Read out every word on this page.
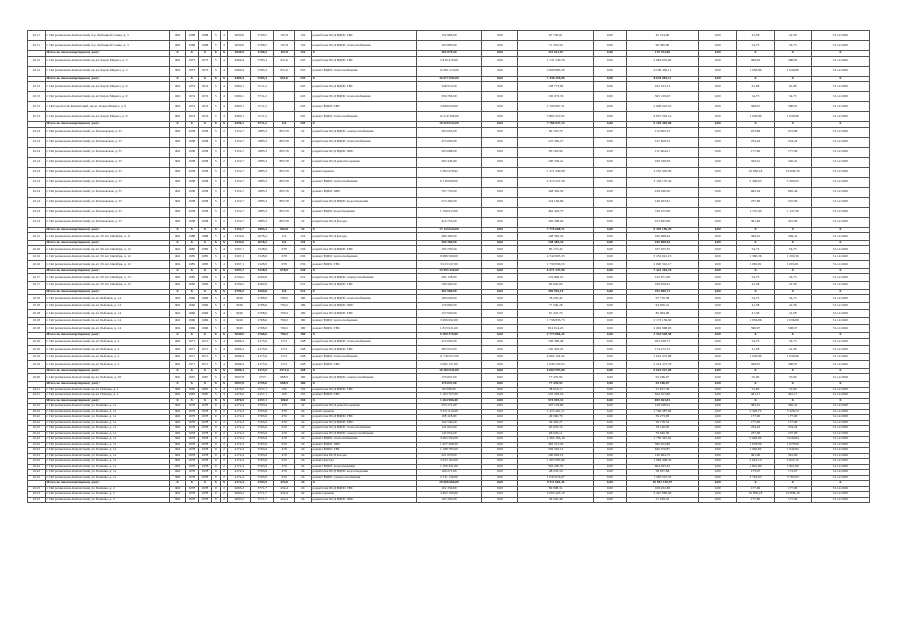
10.11	г. Петропавловск-Камчатский, б-р. Рыбацкой Славы, д. 3	ФО	1968	1968	5	3	2839,9	2706,5	107,8	132	разработка ПСД ВДИС ГВС	152 983,00	0,00	97 730,91	0,00	45 314,00	0,00	41,58	41,58	31.12.2020
10.11	г. Петропавловск-Камчатский, б-р. Рыбацкой Славы, д. 3	ФО	1968	1968	5	3	2839,9	2706,5	107,8	132	разработка ПСД ВДИС теплоснабжения	163 885,00	0,00	71 216,56	0,00	90 390,00	0,00	54,73	54,73	31.12.2020
	Итого по многоквартирному дому:	X	X	X	X	X	2839,9	2706,5	107,8	132	X	265 879,00	0,00	152 613,07	0,00	119 704,00	0,00	X	X	X
10.12	г. Петропавловск-Камчатский, пр-кт. Карла Маркса, д. 5	ФО	1973	1973	5	4	6409,4	5783,3	651,6	235	разработка ПСД ВДИС ГВС	3 816 479,00	0,00	1 741 339,76	0,00	2 084 633,00	0,00	568,95	568,95	31.12.2020
10.12	г. Петропавловск-Камчатский, пр-кт. Карла Маркса, д. 5	ФО	1973	1973	5	4	6409,4	5783,3	651,6	235	ремонт ВДИС теплоснабжения	12 261 213,00	0,00	5 696 863,30	0,00	6 549 450,11	0,00	1 036,86	1 036,86	31.12.2020
	Итого по многоквартирному дому:	X	X	X	X	X	6409,4	5783,3	651,6	235	X	16 077 692,00	0,00	7 438 203,06	0,00	8 643 083,11	0,00	X	X	X
10.13	г. Петропавловск-Камчатский, пр-кт. Карла Маркса, д. 9	ФО	1974	1974	5	4	6390,1	5711,2		245	разработка ПСД ВДИС ГВС	346 972,00	0,00	138 773,90	0,00	245 103,13	0,00	61,98	61,98	31.12.2020
10.13	г. Петропавловск-Камчатский, пр-кт. Карла Маркса, д. 9	ФО	1974	1974	5	4	6390,1	5711,2		245	разработка ПСД ВДИС теплоснабжения	356 763,00	0,00	150 973,33	0,00	305 130,03	0,00	54,73	54,73	31.12.2020
10.13	г. Петropavlovsk-Камчатский, пр-кт. Карла Маркса, д. 9	ФО	1974	1974	5	4	6390,1	5711,2		245	ремонт ВДИС ГВС	3 828 029,00	0,00	1 700 807,31	0,00	2 096 022,53	0,00	598,97	598,97	31.12.2020
10.13	г. Петропавловск-Камчатский, пр-кт. Карла Маркса, д. 9	ФО	1974	1974	5	4	6390,1	5711,2		245	ремонт ВДИС теплоснабжения	12 210 300,00	0,00	5 883 210,95	0,00	6 837 205,14	0,00	1 036,86	1 036,86	31.12.2020
	Итого по многоквартирному дому:	X	X	X	X	X	6390,1	5711,2	0,0	245	X	16 929 633,00	0,00	7 780 027,13	0,00	9 229 405,00	0,00	X	X	X
10.14	г. Петропавловск-Камчатский, ул. Ключевская, д. 37	ФО	1958	1958	5	2	2152,7	1883,3	863,76	22	разработка ПСД ВДИС электроснабжения	203 003,00	0,00	90 103,79	0,00	112 963,13	0,00	972,86	972,86	31.12.2020
10.14	г. Петропавловск-Камчатский, ул. Ключевская, д. 37	ФО	1958	1958	5	2	2152,7	1883,3	863,76	22	разработка ПСД ВДИС теплоснабжения	275 000,00	0,00	125 365,27	0,00	147 658,72	0,00	234,24	234,24	31.12.2020
10.14	г. Петропавловск-Камчатский, ул. Ключевская, д. 37	ФО	1958	1958	5	2	2152,7	1883,3	863,76	22	разработка ПСД ВДИС ХВС	205 068,00	0,00	93 103,99	0,00	111 964,21	0,00	177,90	177,90	31.12.2020
10.14	г. Петропавловск-Камчатский, ул. Ключевская, д. 37	ФО	1958	1958	5	2	2152,7	1883,3	863,76	22	разработка ПСД ремонта крыши	363 443,00	0,00	190 536,41	0,00	190 336,59	0,00	320,41	320,41	31.12.2020
10.14	г. Петропавловск-Камчатский, ул. Ключевская, д. 37	ФО	1958	1958	5	2	2152,7	1883,3	863,76	22	ремонт крыши	5 302 678,92	0,00	1 271 430,08	0,00	3 533 305,90	0,00	10 836,18	10 836,18	31.12.2020
10.14	г. Петропавловск-Камчатский, ул. Ключевская, д. 37	ФО	1958	1958	5	2	2152,7	1883,3	863,76	22	ремонт ВДИС теплоснабжения	6 118 069,00	0,00	2 374 521,56	0,00	3 156 155,34	0,00	5 300,93	5 300,93	31.12.2020
10.14	г. Петропавловск-Камчатский, ул. Ключевская, д. 37	ФО	1958	1958	5	2	2152,7	1883,3	863,76	22	ремонт ВДИС ХВС	767 753,00	0,00	348 365,50	0,00	418 936,50	0,00	665,44	665,44	31.12.2020
10.14	г. Петропавловск-Камчатский, ул. Ключевская, д. 37	ФО	1958	1958	5	2	2152,7	1883,3	863,76	22	разработка ПСД ВДИС водоотведения	273 450,00	0,00	124 156,99	0,00	149 203,61	0,00	237,00	237,00	31.12.2020
10.14	г. Петропавловск-Камчатский, ул. Ключевская, д. 37	ФО	1958	1958	5	2	2152,7	1883,3	863,76	22	ремонт ВДИС водоотведения	1 190 913,00	0,00	462 402,73	0,00	726 475,09	0,00	1 137,40	1 137,40	31.12.2020
10.14	г. Петропавловск-Камчатский, ул. Ключевская, д. 37	ФО	1958	1958	5	2	2152,7	1883,3	863,76	22	разработка ПСД фасада	416 753,00	0,00	185 308,04	0,00	223 965,96	0,00	361,00	361,00	31.12.2020
	Итого по многоквартирному дому:	X	X	X	X	X	2152,7	1883,3	863,8	22	X	17 124 624,00	0,00	7 776 668,71	0,00	9 349 156,29	0,00	X	X	X
10.15	г. Петропавловск-Камчатский, пр-кт. 50 лет Октября, д. 11	ФО	1988	1988	5	4	2332,6	2078,2	0,0	134	разработка ПСД фасада	269 300,00	0,00	148 383,34	0,00	160 068,04	0,00	309,41	309,41	31.12.2020
	Итого по многоквартирному дому:	X	X	X	X	X	2332,6	2078,2	0,0	134	X	269 300,00	0,00	148 383,34	0,00	160 068,04	0,00	X	X	X
10.16	г. Петропавловск-Камчатский, пр-кт. 50 лет Октября, д. 12	ФО	1985	1985	5	4	2597,1	1528,9	678	236	разработка ПСД ВДИС ГВС	195 750,00	0,00	85 175,43	0,00	107 255,35	0,00	54,73	54,73	31.12.2020
10.16	г. Петропавловск-Камчатский, пр-кт. 50 лет Октября, д. 12	ФО	1985	1985	5	4	2597,1	1528,9	678	236	ремонт ВДИС теплоснабжения	9 986 569,00	0,00	4 742 905,35	0,00	5 252 041,13	0,00	1 300,36	1 300,36	31.12.2020
10.16	г. Петропавловск-Камчатский, пр-кт. 50 лет Октября, д. 12	ФО	1985	1985	5	4	2597,1	1528,9	678	236	ремонт ВДИС ГВС	3 913 547,00	0,00	1 730 836,53	0,00	2 090 310,17	0,00	1 065,81	1 065,81	31.12.2020
	Итого по многоквартирному дому:	X	X	X	X	X	2597,1	1528,9	678,0	236	X	13 993 420,00	0,00	6 571 237,90	0,00	7 422 264,10	0,00	X	X	X
10.17	г. Петропавловск-Камчатский, пр-кт. 50 лет Октября, д. 13	ФО	1982	1982	5	4	4709,2	4264,8		231	разработка ПСД ВДИС электроснабжения	262 178,00	0,00	119 996,10	0,00	142 671,90	0,00	54,73	54,73	31.12.2020
10.17	г. Петропавловск-Камчатский, пр-кт. 50 лет Октября, д. 13	ФО	1982	1982	5	4	4709,2	4264,8		231	разработка ПСД ВДИС ГВС	199 560,00	0,00	90 920,09	0,00	108 959,91	0,00	41,58	41,58	31.12.2020
	Итого по многоквартирному дому:	X	X	X	X	X	4709,2	4264,8	0,0	231	X	462 960,00	0,00	209 916,19	0,00	252 480,71	0,00	X	X	X
10.18	г. Петропавловск-Камчатский, пр-кт. Рыбаков, д. 14	ФО	1966	1966	5	4	3049	2768,6	700,2	180	разработка ПСД ВДИС теплоснабжения	180 020,00	0,00	78 250,42	0,00	97 770,58	0,00	54,73	54,73	31.12.2020
10.18	г. Петропавловск-Камчатский, пр-кт. Рыбаков, д. 14	ФО	1966	1966	5	4	3049	2768,6	700,2	180	разработка ПСД ВДИС ХВС	170 660,00	0,00	77 349,18	0,00	93 850,41	0,00	41,58	41,58	31.12.2020
10.18	г. Петропавловск-Камчатский, пр-кт. Рыбаков, д. 14	ФО	1966	1966	5	4	3049	2768,6	700,2	180	разработка ПСД ВДИС ГВС	157 650,00	0,00	67 425,70	0,00	85 994,90	0,00	41,58	41,58	31.12.2020
10.18	г. Петропавловск-Камчатский, пр-кт. Рыбаков, д. 14	ФО	1966	1966	5	4	3049	2768,6	700,2	180	ремонт ВДИС теплоснабжения	3 006 002,00	0,00	1 736 835,73	0,00	2 173 156,00	0,00	1 036,86	1 036,86	31.12.2020
10.18	г. Петропавловск-Камчатский, пр-кт. Рыбаков, д. 14	ФО	1966	1966	5	4	3049	2768,6	700,2	180	ремонт ВДИС ГВС	1 813 021,00	0,00	814 014,23	0,00	2 002 968,65	0,00	598,97	598,97	31.12.2020
	Итого по многоквартирному дому:	X	X	X	X	X	3049,0	2768,6	700,2	180	X	6 308 370,00	0,00	2 773 866,42	0,00	3 534 528,58	0,00	X	X	X
10.19	г. Петропавловск-Камчатский, пр-кт. Рыбаков, д. 2	ФО	1971	1971	5	4	4086,4	4173,9	1571	348	разработка ПСД ВДИС теплоснабжения	272 650,00	0,00	169 390,48	0,00	202 438,73	0,00	54,73	54,73	31.12.2020
10.19	г. Петропавловск-Камчатский, пр-кт. Рыбаков, д. 2	ФО	1971	1971	5	4	4086,4	4173,9	1571	348	разработка ПСД ВДИС ГВС	287 010,00	0,00	120 403,45	0,00	174 272,75	0,00	41,58	41,58	31.12.2020
10.19	г. Петропавловск-Камчатский, пр-кт. Рыбаков, д. 2	ФО	1971	1971	5	4	4086,4	4173,9	1571	348	ремонт ВДИС теплоснабжения	11 730 027,00	0,00	4 664 154,32	0,00	7 023 472,98	0,00	1 036,86	1 036,86	31.12.2020
10.19	г. Петропавловск-Камчатский, пр-кт. Рыбаков, д. 2	ФО	1971	1971	5	4	4086,4	4173,9	1571	348	ремонт ВДИС ГВС	4 095 157,00	0,00	1 849 720,63	0,00	2 224 373,33	0,00	598,97	598,97	31.12.2020
	Итого по многоквартирному дому:	X	X	X	X	X	4086,4	4173,9	1571,0	348	X	16 384 844,00	0,00	6 804 997,00	0,00	9 624 527,00	0,00	X	X	X
10.20	г. Петропавловск-Камчатский, пр-кт. Рыбаков, д. 26	ФО	1967	1967	5	4	3097,8	2755	688,9	180	разработка ПСД ВДИС электроснабжения	170 657,00	0,00	77 470,93	0,00	93 186,07	0,00	55,09	55,09	31.12.2020
	Итого по многоквартирному дому:	X	X	X	X	X	3097,8	2755,0	688,9	180	X	170 657,00	0,00	77 470,93	0,00	93 186,07	0,00	X	X	X
10.21	г. Петропавловск-Камчатский, пр-кт. Победы, д. 1	ФО	1965	1965	5	4	2476,9	2257,1	100	150	разработка ПСД ВДИС ГВС	99 299,00	0,00	38 616,11	0,00	51 017,39	0,00	51,60	51,60	31.12.2020
10.21	г. Петропавловск-Камчатский, пр-кт. Победы, д. 1	ФО	1965	1965	5	4	2476,9	2257,1	100	150	ремонт ВДИС ГВС	1 165 707,00	0,00	535 403,20	0,00	644 353,80	0,00	461,17	461,17	31.12.2020
	Итого по многоквартирному дому:	X	X	X	X	X	2476,9	2257,1	100,0	150	X	1 264 906,00	0,00	574 019,31	0,00	695 363,81	0,00	X	X	X
10.22	г. Петропавловск-Камчатский, ул. Бохняка, д. 1а	ФО	1978	1978	9	2	4172,4	3763,9	479	24	разработка ПСД ремонта крыши	235 271,00	0,00	107 103,69	0,00	128 168,91	0,00	382,41	382,41	31.12.2020
10.22	г. Петропавловск-Камчатский, ул. Бохняка, д. 1а	ФО	1978	1978	9	2	4172,4	3763,9	479	24	ремонт крыши	3 271 014,00	0,00	1 474 491,71	0,00	1 796 487,84	0,00	5 326,72	5 326,72	31.12.2020
10.22	г. Петропавловск-Камчатский, ул. Бохняка, д. 1а	ФО	1978	1978	9	2	4172,4	3763,9	479	24	разработка ПСД ВДИС ГВС	108 118,00	0,00	49 260,79	0,00	59 273,85	0,00	177,90	177,90	31.12.2020
10.22	г. Петропавловск-Камчатский, ул. Бохняка, д. 1а	ФО	1978	1978	9	2	4172,4	3763,9	479	24	разработка ПСД ВДИС ХВС	104 540,00	0,00	46 363,27	0,00	56 176,53	0,00	177,90	177,90	31.12.2020
10.22	г. Петропавловск-Камчатский, ул. Бохняка, д. 1а	ФО	1978	1978	9	2	4172,4	3763,9	479	24	разработка ПСД ВДИС теплоснабжения	141 610,00	0,00	63 633,16	0,00	78 146,95	0,00	234,24	234,24	31.12.2020
10.22	г. Петропавловск-Камчатский, ул. Бохняка, д. 1а	ФО	1978	1978	9	2	4172,4	3763,9	479	24	разработка ПСД ВДИС электроснабжения	145 652,00	0,00	66 029,11	0,00	79 626,30	0,00	237,00	237,00	31.12.2020
10.22	г. Петропавловск-Камчатский, ул. Бохняка, д. 1а	ФО	1978	1978	9	2	4172,4	3763,9	479	24	ремонт ВДИС теплоснабжения	3 093 563,00	0,00	1 362 165,19	0,00	1 730 397,81	0,00	5 040,84	5 040,84	31.12.2020
10.22	г. Петропавловск-Камчатский, ул. Бохняка, д. 1а	ФО	1978	1978	9	2	4172,4	3763,9	479	24	ремонт ВДИС ХВС	1 027 468,00	0,00	465 313,20	0,00	560 454,80	0,00	1 678,96	1 678,96	31.12.2020
10.22	г. Петропавловск-Камчатский, ул. Бохняка, д. 1а	ФО	1978	1978	9	2	4172,4	3763,9	479	24	ремонт ВДИС ГВС	1 188 783,00	0,00	539 303,13	0,00	649 479,87	0,00	1 940,82	1 940,82	31.12.2020
10.22	г. Петропавловск-Камчатский, ул. Бохняка, д. 1а	ФО	1978	1978	9	2	4172,4	3763,9	479	24	разработка ПСД фасада	221 670,00	0,00	100 665,25	0,00	120 964,75	0,00	361,00	361,00	31.12.2020
10.22	г. Петропавловск-Камчатский, ул. Бохняка, д. 1а	ФО	1978	1978	9	2	4172,4	3763,9	479	24	ремонт фасада	3 452 164,00	0,00	1 467 665,66	0,00	1 984 498,34	0,00	5 622,10	5 622,10	31.12.2020
10.22	г. Петропавловск-Камчатский, ул. Бохняка, д. 1а	ФО	1978	1978	9	2	4172,4	3763,9	479	24	ремонт ВДИС водоотведения	1 106 431,00	0,00	502 405,55	0,00	604 025,45	0,00	1 801,89	1 801,89	31.12.2020
10.22	г. Петропавловск-Камчатский, ул. Бохняка, д. 1а	ФО	1978	1978	9	2	4172,4	3763,9	479	24	разработка ПСД ВДИС водоотведения	106 271,00	0,00	48 233,16	0,00	58 037,84	0,00	173,07	173,07	31.12.2020
10.22	г. Петропавловск-Камчатский, ул. Бохняка, д. 1а	ФО	1978	1978	9	2	4172,4	3763,9	479	24	ремонт ВДИС электроснабжения	2 311 140,00	0,00	1 045 616,67	0,00	1 265 523,33	0,00	3 763,93	3 763,93	31.12.2020
	Итого по многоквартирному дому:	X	X	X	X	X	4172,4	3763,9	479,0	24	X	20 968 666,00	0,00	9 511 662,45	0,00	10 957 130,97	0,00	X	X	X
10.23	г. Петропавловск-Камчатский, ул. Бохняка, д. 2	ФО	1978	1978	9	2	4093,2	3771,7	434,4	24	разработка ПСД ВДИС ГВС	191 356,00	0,00	82 898,31	0,00	108 452,69	0,00	177,90	177,90	31.12.2020
10.23	г. Петропавловск-Камчатский, ул. Бохняка, д. 2	ФО	1978	1978	9	2	4093,2	3771,7	434,4	24	ремонт крыши	4 402 190,00	0,00	2 003 425,10	0,00	2 447 660,00	0,00	10 836,18	10 836,18	31.12.2020
10.23	г. Петропавловск-Камчатский, ул. Бохняка, д. 2	ФО	1978	1978	9	2	4093,2	3771,7	434,4	24	разработка ПСД ВДИС ХВС	103 450,00	0,00	46 520,48	0,00	57 229,52	0,00	177,90	177,90	31.12.2020
